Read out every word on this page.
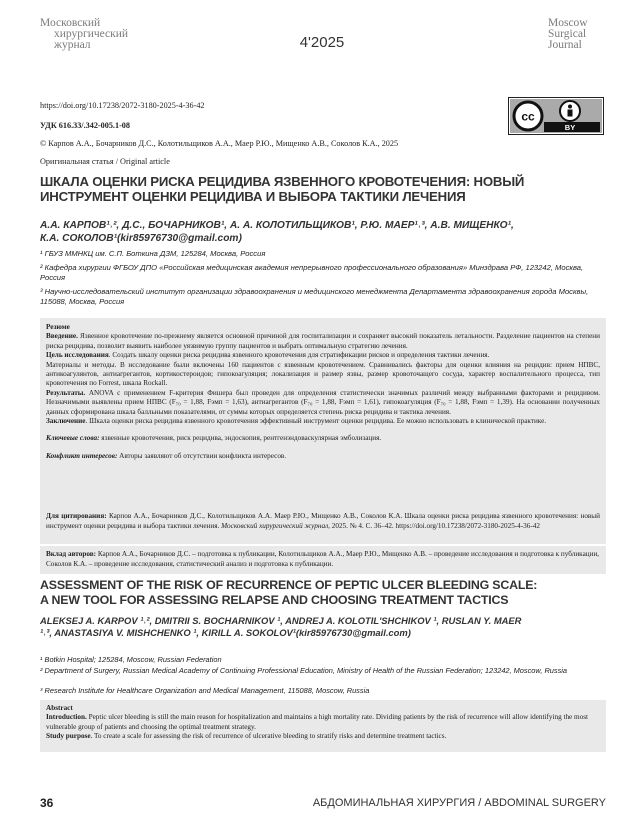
Московский
хирургический
журнал	4'2025
Moscow
Surgical
Journal
https://doi.org/10.17238/2072-3180-2025-4-36-42
УДК 616.33/.342-005.1-08
© Карпов А.А., Бочарников Д.С., Колотильщиков А.А., Маер Р.Ю., Мищенко А.В., Соколов К.А., 2025
Оригинальная статья / Original article
cc
BY
ШКАЛА ОЦЕНКИ РИСКА РЕЦИДИВА ЯЗВЕННОГО КРОВОТЕЧЕНИЯ: НОВЫЙ ИНСТРУМЕНТ ОЦЕНКИ РЕЦИДИВА И ВЫБОРА ТАКТИКИ ЛЕЧЕНИЯ
А.А. КАРПОВ¹˒², Д.С., БОЧАРНИКОВ¹, А. А. КОЛОТИЛЬЩИКОВ¹, Р.Ю. МАЕР¹˒³, А.В. МИЩЕНКО¹,
К.А. СОКОЛОВ¹(kir85976730@gmail.com)
¹ ГБУЗ ММНКЦ им. С.П. Боткина ДЗМ, 125284, Москва, Россия
² Кафедра хирургии ФГБОУ ДПО «Российская медицинская академия непрерывного профессионального образования» Минздрава РФ, 123242, Москва, Россия
³ Научно-исследовательский институт организации здравоохранения и медицинского менеджмента Департамента здравоохранения города Москвы, 115088, Москва, Россия

Резюме

Введение. Язвенное кровотечение по-прежнему является основной причиной для госпитализации и сохраняет высокий показатель летальности. Разделение пациентов на степени риска рецидива, позволит выявить наиболее уязвимую группу пациентов и выбрать оптимальную стратегию лечения.

Цель исследования. Создать шкалу оценки риска рецидива язвенного кровотечения для стратификации рисков и определения тактики лечения.

Материалы и методы. В исследование были включены 160 пациентов с язвенным кровотечением. Сравнивались факторы для оценки влияния на рецидив: прием НПВС, антикоагулянтов, антиагрегантов, кортикостероидов; гипокоагуляция; локализация и размер язвы, размер кровоточащего сосуда, характер воспалительного процесса, тип кровотечения по Forrest, шкала Rockall.

Результаты. ANOVA с применением F-критерия Фишера был проведен для определения статистически значимых различий между выбранными факторами и рецидивом. Незначимыми выявлены прием НПВС (F₇₀ = 1,88, Fэмп = 1,63), антиагрегантов (F₇₀ = 1,88, Fэмп = 1,61), гипокоагуляция (F₇₀ = 1,88, Fэмп = 1,39). На основании полученных данных сформирована шкала балльными показателями, от суммы которых определяется степень риска рецидива и тактика лечения.

Заключение. Шкала оценки риска рецидива язвенного кровотечения эффективный инструмент оценки рецидива. Ее можно использовать в клинической практике.

Ключевые слова: язвенные кровотечения, риск рецидива, эндоскопия, рентгенэндоваскулярная эмболизация.

Конфликт интересов: Авторы заявляют об отсутствии конфликта интересов.

Для цитирования: Карпов А.А., Бочарников Д.С., Колотильщиков А.А. Маер Р.Ю., Мищенко А.В., Соколов К.А. Шкала оценки риска рецидива язвенного кровотечения: новый инструмент оценки рецидива и выбора тактики лечения. Московский хирургический журнал, 2025. № 4. С. 36–42. https://doi.org/10.17238/2072-3180-2025-4-36-42
Вклад авторов: Карпов А.А., Бочарников Д.С. – подготовка к публикации, Колотильщиков А.А., Маер Р.Ю., Мищенко А.В. – проведение исследования и подготовка к публикации, Соколов К.А. – проведение исследования, статистический анализ и подготовка к публикации.
ASSESSMENT OF THE RISK OF RECURRENCE OF PEPTIC ULCER BLEEDING SCALE:
A NEW TOOL FOR ASSESSING RELAPSE AND CHOOSING TREATMENT TACTICS
ALEKSEJ A. KARPOV ¹˒², DMITRII S. BOCHARNIKOV ¹, ANDREJ A. KOLOTIL'SHCHIKOV ¹, RUSLAN Y. MAER
¹˒³, ANASTASIYA V. MISHCHENKO ¹, KIRILL A. SOKOLOV¹(kir85976730@gmail.com)
¹ Botkin Hospital; 125284, Moscow, Russian Federation
² Department of Surgery, Russian Medical Academy of Continuing Professional Education, Ministry of Health of the Russian Federation; 123242, Moscow, Russia
³ Research Institute for Healthcare Organization and Medical Management, 115088, Moscow, Russia

Abstract

Introduction. Peptic ulcer bleeding is still the main reason for hospitalization and maintains a high mortality rate. Dividing patients by the risk of recurrence will allow identifying the most vulnerable group of patients and choosing the optimal treatment strategy.

Study purpose. To create a scale for assessing the risk of recurrence of ulcerative bleeding to stratify risks and determine treatment tactics.

36	АБДОМИНАЛЬНАЯ ХИРУРГИЯ / ABDOMINAL SURGERY
